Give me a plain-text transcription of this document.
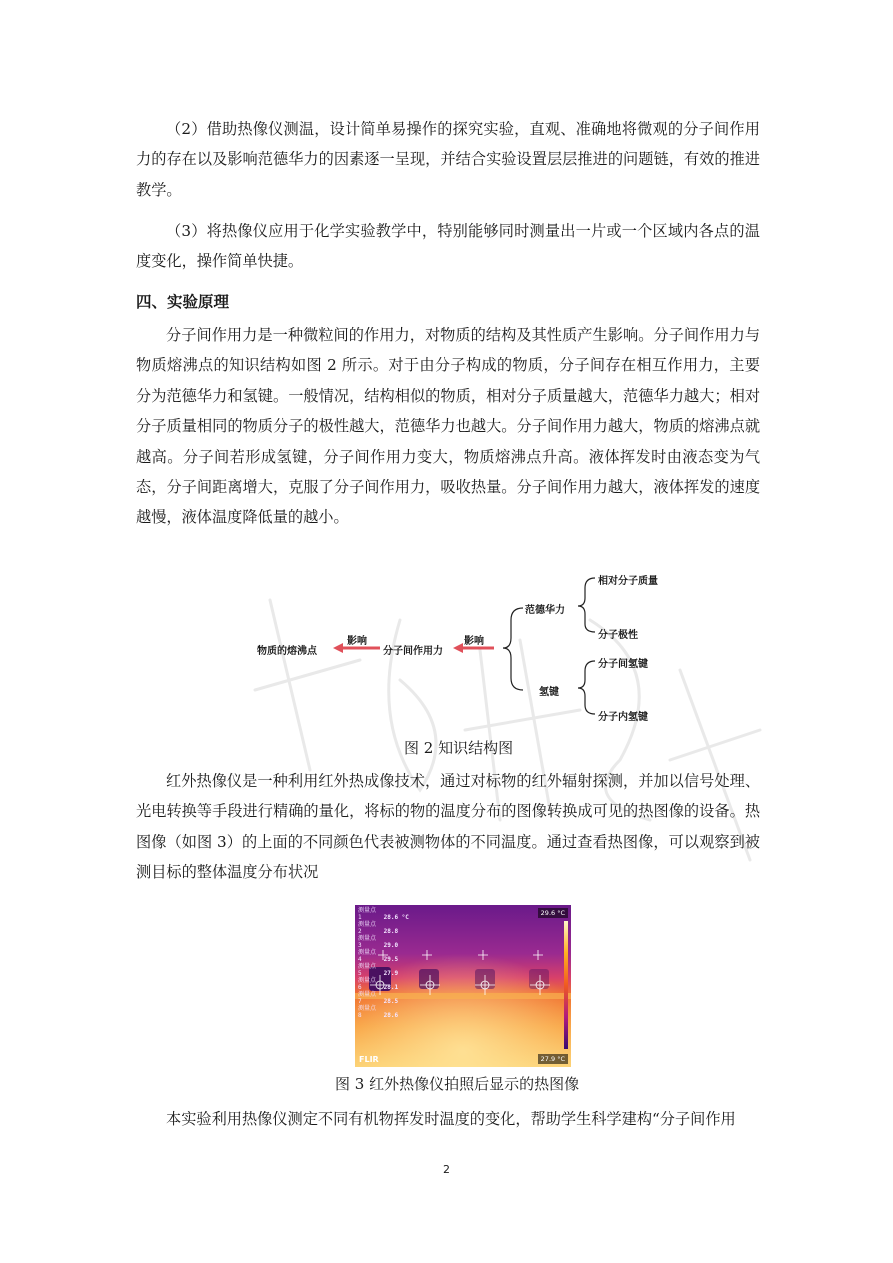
（2）借助热像仪测温，设计简单易操作的探究实验，直观、准确地将微观的分子间作用力的存在以及影响范德华力的因素逐一呈现，并结合实验设置层层推进的问题链，有效的推进教学。

（3）将热像仪应用于化学实验教学中，特别能够同时测量出一片或一个区域内各点的温度变化，操作简单快捷。

四、实验原理

分子间作用力是一种微粒间的作用力，对物质的结构及其性质产生影响。分子间作用力与物质熔沸点的知识结构如图 2 所示。对于由分子构成的物质，分子间存在相互作用力，主要分为范德华力和氢键。一般情况，结构相似的物质，相对分子质量越大，范德华力越大；相对分子质量相同的物质分子的极性越大，范德华力也越大。分子间作用力越大，物质的熔沸点就越高。分子间若形成氢键，分子间作用力变大，物质熔沸点升高。液体挥发时由液态变为气态，分子间距离增大，克服了分子间作用力，吸收热量。分子间作用力越大，液体挥发的速度越慢，液体温度降低量的越小。

物质的熔沸点
影响
分子间作用力
影响
范德华力
氢键
相对分子质量
分子极性
分子间氢键
分子内氢键

图 2 知识结构图

红外热像仪是一种利用红外热成像技术，通过对标物的红外辐射探测，并加以信号处理、光电转换等手段进行精确的量化，将标的物的温度分布的图像转换成可见的热图像的设备。热图像（如图 3）的上面的不同颜色代表被测物体的不同温度。通过查看热图像，可以观察到被测目标的整体温度分布状况

测量点 1	28.6 °C
测量点 2	28.8
测量点 3	29.0
测量点 4	29.5
测量点 5	27.9
测量点 6	28.1
测量点 7	28.5
测量点 8	28.6
29.6 °C
27.9 °C
FLIR

图 3 红外热像仪拍照后显示的热图像

本实验利用热像仪测定不同有机物挥发时温度的变化，帮助学生科学建构“分子间作用

2
